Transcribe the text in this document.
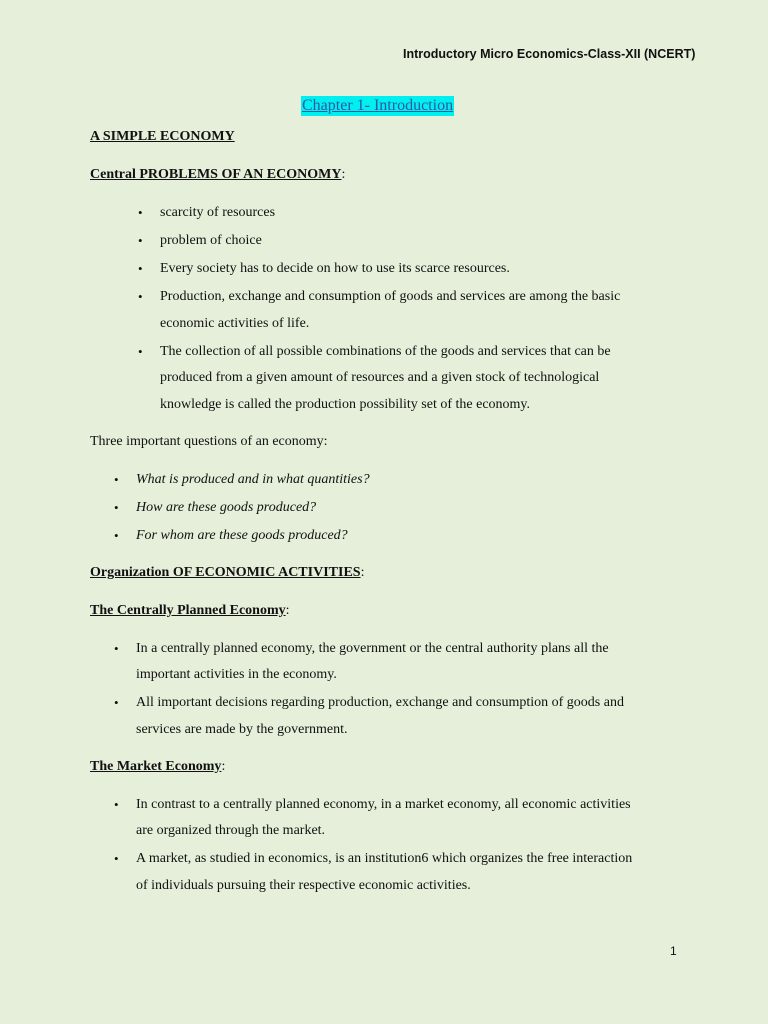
Introductory Micro Economics-Class-XII (NCERT)
Chapter 1- Introduction
A SIMPLE ECONOMY
Central PROBLEMS OF AN ECONOMY:
• scarcity of resources
• problem of choice
• Every society has to decide on how to use its scarce resources.
• Production, exchange and consumption of goods and services are among the basic
economic activities of life.
• The collection of all possible combinations of the goods and services that can be
produced from a given amount of resources and a given stock of technological
knowledge is called the production possibility set of the economy.
Three important questions of an economy:
• What is produced and in what quantities?
• How are these goods produced?
• For whom are these goods produced?
Organization OF ECONOMIC ACTIVITIES:
The Centrally Planned Economy:
• In a centrally planned economy, the government or the central authority plans all the
important activities in the economy.
• All important decisions regarding production, exchange and consumption of goods and
services are made by the government.
The Market Economy:
• In contrast to a centrally planned economy, in a market economy, all economic activities
are organized through the market.
• A market, as studied in economics, is an institution6 which organizes the free interaction
of individuals pursuing their respective economic activities.
1
